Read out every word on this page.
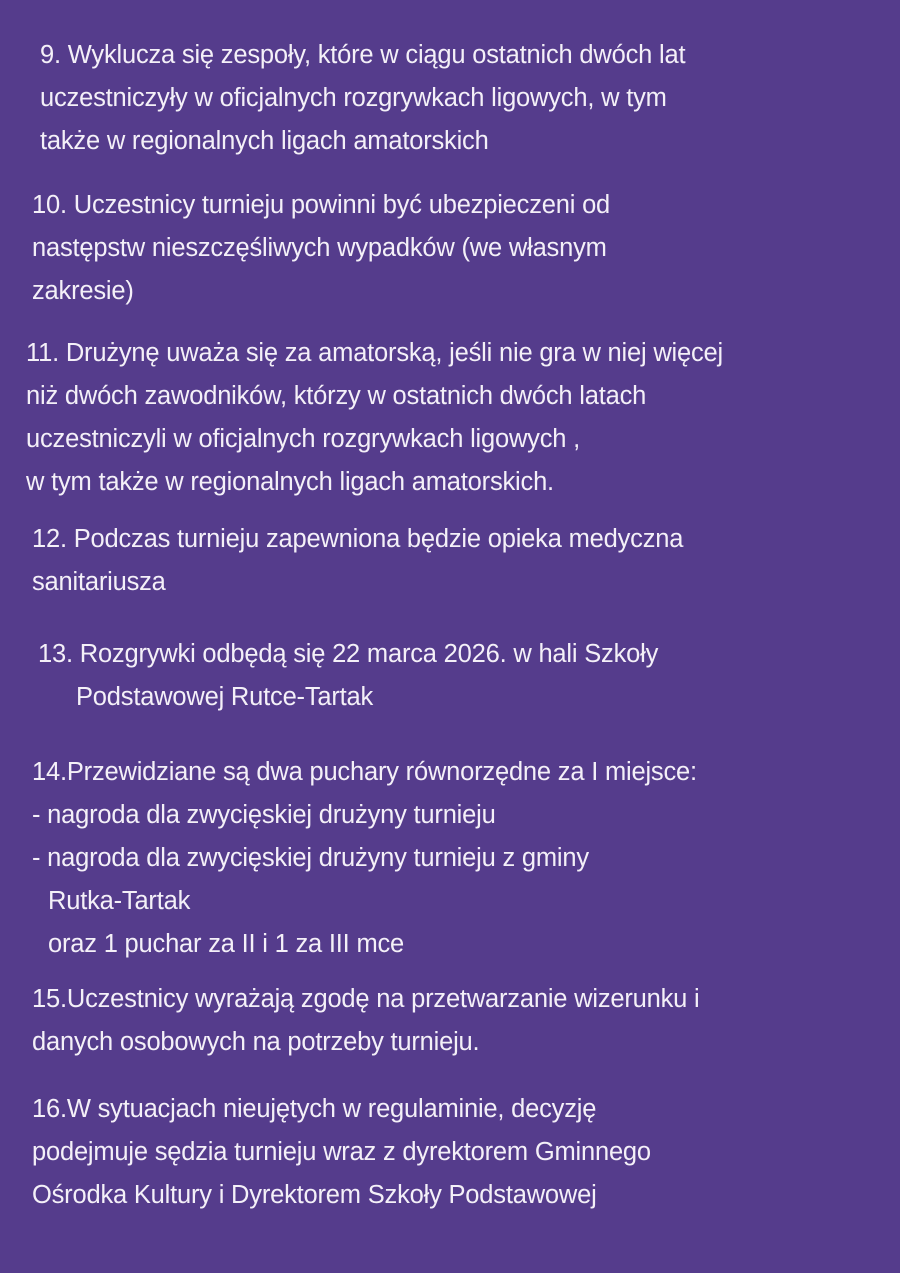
9. Wyklucza się zespoły, które w ciągu ostatnich dwóch lat
uczestniczyły w oficjalnych rozgrywkach ligowych, w tym
także w regionalnych ligach amatorskich

10. Uczestnicy turnieju powinni być ubezpieczeni od
następstw nieszczęśliwych wypadków (we własnym
zakresie)

11. Drużynę uważa się za amatorską, jeśli nie gra w niej więcej
niż dwóch zawodników, którzy w ostatnich dwóch latach
uczestniczyli w oficjalnych rozgrywkach ligowych ,
w tym także w regionalnych ligach amatorskich.

12. Podczas turnieju zapewniona będzie opieka medyczna
sanitariusza

13. Rozgrywki odbędą się 22 marca 2026. w hali Szkoły
Podstawowej Rutce-Tartak

14.Przewidziane są dwa puchary równorzędne za I miejsce:
- nagroda dla zwycięskiej drużyny turnieju
- nagroda dla zwycięskiej drużyny turnieju z gminy
Rutka-Tartak
oraz 1 puchar za II i 1 za III mce

15.Uczestnicy wyrażają zgodę na przetwarzanie wizerunku i
danych osobowych na potrzeby turnieju.

16.W sytuacjach nieujętych w regulaminie, decyzję
podejmuje sędzia turnieju wraz z dyrektorem Gminnego
Ośrodka Kultury i Dyrektorem Szkoły Podstawowej
